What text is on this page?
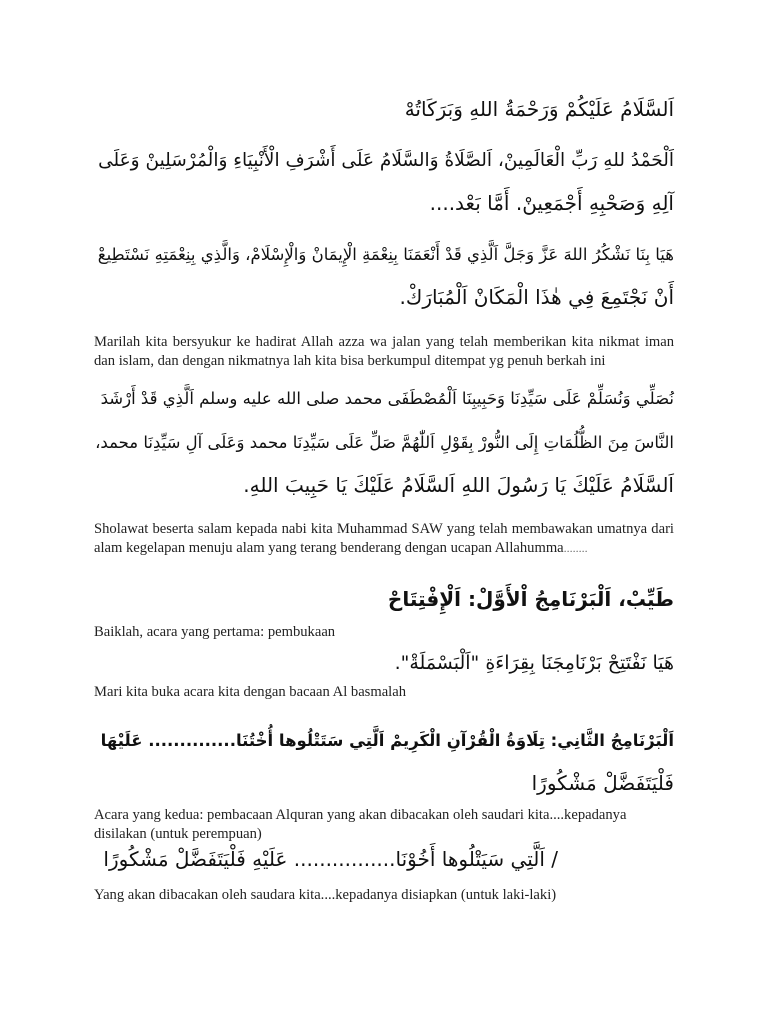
اَلسَّلَامُ عَلَيْكُمْ وَرَحْمَةُ اللهِ وَبَرَكَاتُهْ
اَلْحَمْدُ للهِ رَبِّ الْعَالَمِينْ، اَلصَّلَاةُ وَالسَّلَامُ عَلَى أَشْرَفِ الْأَنْبِيَاءِ وَالْمُرْسَلِينْ وَعَلَى
آلِهِ وَصَحْبِهِ أَجْمَعِينْ. أَمَّا بَعْد....
هَيَا بِنَا نَشْكُرُ اللهَ عَزَّ وَجَلَّ اَلَّذِي قَدْ أَنْعَمَنَا بِنِعْمَةِ الْإِيمَانْ وَالْإِسْلَامْ، وَالَّذِي بِنِعْمَتِهِ نَسْتَطِيعْ
أَنْ نَجْتَمِعَ فِي هٰذَا الْمَكَانْ اَلْمُبَارَكْ.
Marilah kita bersyukur ke hadirat Allah azza wa jalan yang telah memberikan kita nikmat iman dan islam, dan dengan nikmatnya lah kita bisa berkumpul ditempat yg penuh berkah ini
نُصَلِّي وَنُسَلِّمْ عَلَى سَيِّدِنَا وَحَبِيبِنَا اَلْمُصْطَفَى محمد صلى الله عليه وسلم اَلَّذِي قَدْ أَرْشَدَ
النَّاسَ مِنَ الظُّلُمَاتِ إِلَى النُّورْ بِقَوْلِ اَللّٰهُمَّ صَلِّ عَلَى سَيِّدِنَا محمد وَعَلَى آلِ سَيِّدِنَا محمد،
اَلسَّلَامُ عَلَيْكَ يَا رَسُولَ اللهِ اَلسَّلَامُ عَلَيْكَ يَا حَبِيبَ اللهِ.
Sholawat beserta salam kepada nabi kita Muhammad SAW yang telah membawakan umatnya dari alam kegelapan menuju alam yang terang benderang dengan ucapan Allahumma........
طَيِّبْ، اَلْبَرْنَامِجُ اْلأَوَّلْ: اَلْإِفْتِتَاحْ
Baiklah, acara yang pertama: pembukaan
هَيَا نَفْتَتِحْ بَرْنَامِجَنَا بِقِرَاءَةِ "اَلْبَسْمَلَةْ".
Mari kita buka acara kita dengan bacaan Al basmalah
اَلْبَرْنَامِجُ الثَّانِي: تِلَاوَةُ الْقُرْآنِ الْكَرِيمْ اَلَّتِي سَتَتْلُوها أُخْتُنَا.............. عَلَيْهَا
فَلْيَتَفَضَّلْ مَشْكُورًا
Acara yang kedua: pembacaan Alquran yang akan dibacakan oleh saudari kita....kepadanya disilakan (untuk perempuan)
/ اَلَّتِي سَيَتْلُوها أَخُوْنَا................ عَلَيْهِ فَلْيَتَفَضَّلْ مَشْكُورًا
Yang akan dibacakan oleh saudara kita....kepadanya disiapkan (untuk laki-laki)
